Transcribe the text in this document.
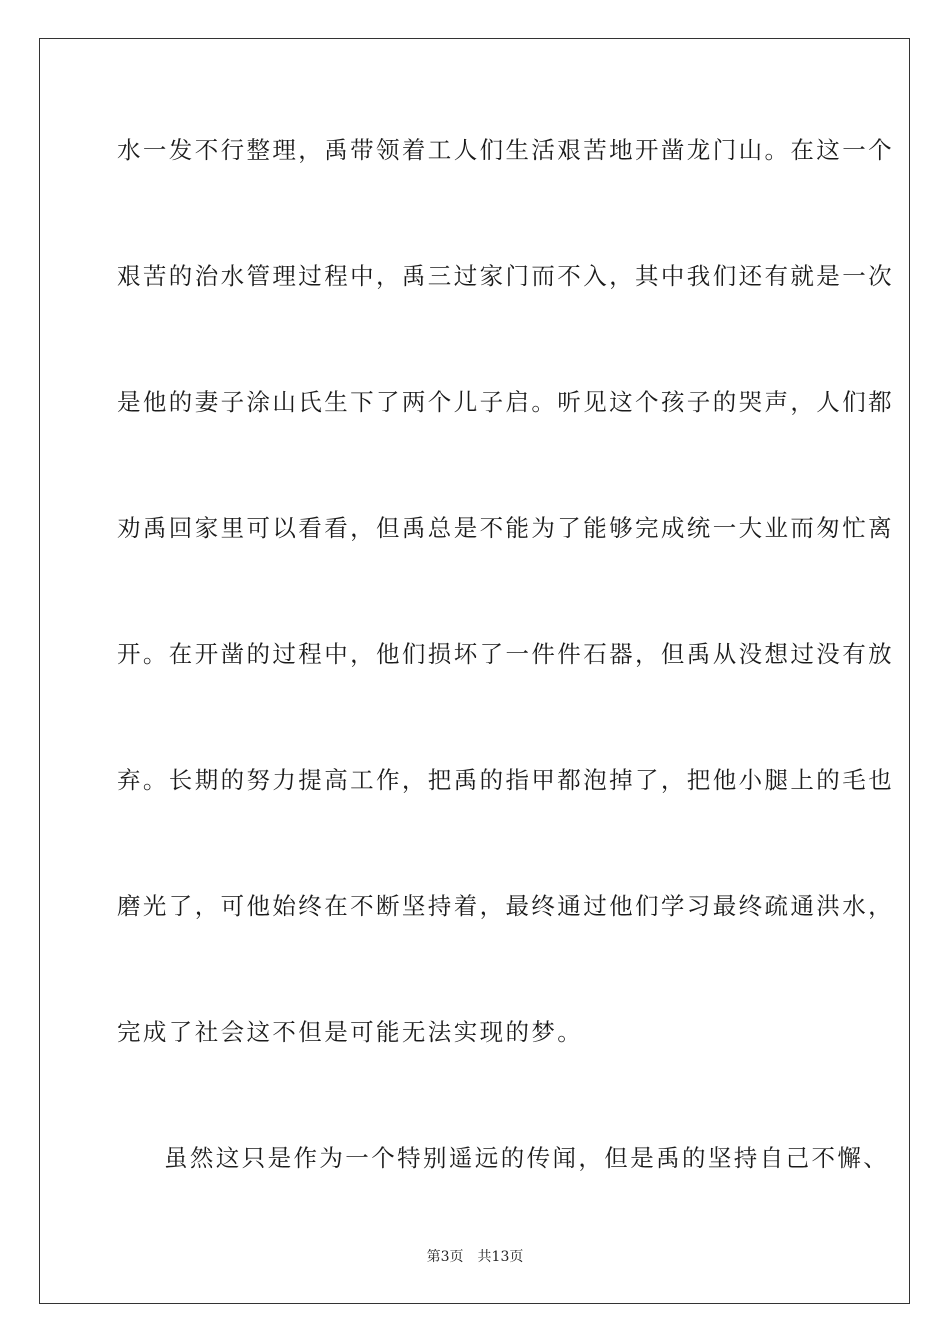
水一发不行整理，禹带领着工人们生活艰苦地开凿龙门山。在这一个
艰苦的治水管理过程中，禹三过家门而不入，其中我们还有就是一次
是他的妻子涂山氏生下了两个儿子启。听见这个孩子的哭声，人们都
劝禹回家里可以看看，但禹总是不能为了能够完成统一大业而匆忙离
开。在开凿的过程中，他们损坏了一件件石器，但禹从没想过没有放
弃。长期的努力提高工作，把禹的指甲都泡掉了，把他小腿上的毛也
磨光了，可他始终在不断坚持着，最终通过他们学习最终疏通洪水，
完成了社会这不但是可能无法实现的梦。
虽然这只是作为一个特别遥远的传闻，但是禹的坚持自己不懈、
第3页 共13页
